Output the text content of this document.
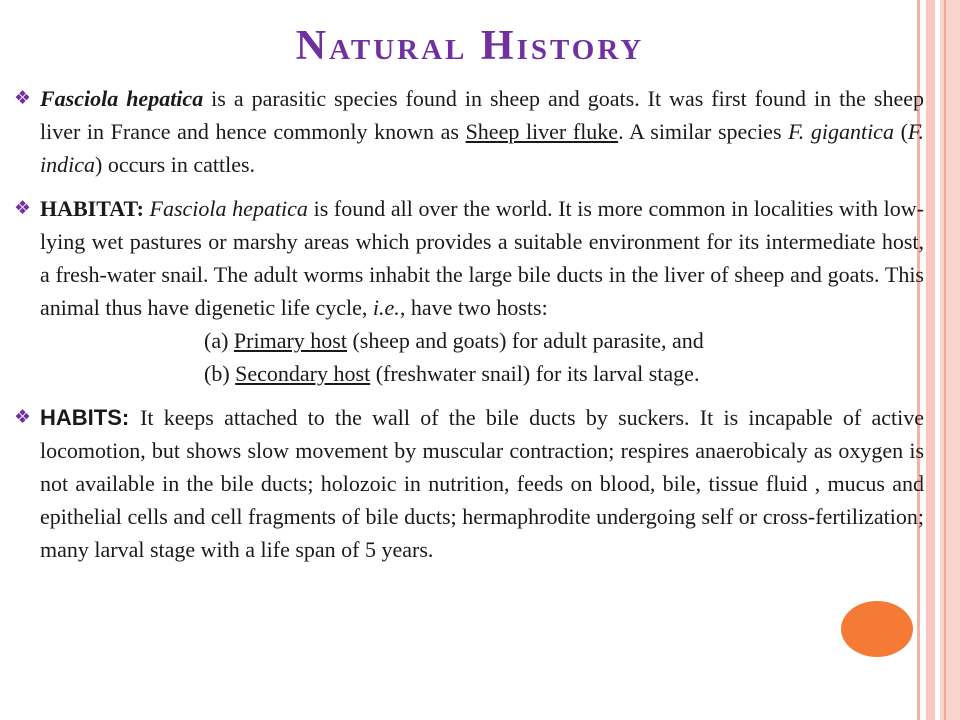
Natural History
❖ Fasciola hepatica is a parasitic species found in sheep and goats. It was first found in the sheep liver in France and hence commonly known as Sheep liver fluke. A similar species F. gigantica (F. indica) occurs in cattles.
❖ HABITAT: Fasciola hepatica is found all over the world. It is more common in localities with low-lying wet pastures or marshy areas which provides a suitable environment for its intermediate host, a fresh-water snail. The adult worms inhabit the large bile ducts in the liver of sheep and goats. This animal thus have digenetic life cycle, i.e., have two hosts:
(a) Primary host (sheep and goats) for adult parasite, and
(b) Secondary host (freshwater snail) for its larval stage.
❖ HABITS: It keeps attached to the wall of the bile ducts by suckers. It is incapable of active locomotion, but shows slow movement by muscular contraction; respires anaerobicaly as oxygen is not available in the bile ducts; holozoic in nutrition, feeds on blood, bile, tissue fluid , mucus and epithelial cells and cell fragments of bile ducts; hermaphrodite undergoing self or cross-fertilization; many larval stage with a life span of 5 years.
